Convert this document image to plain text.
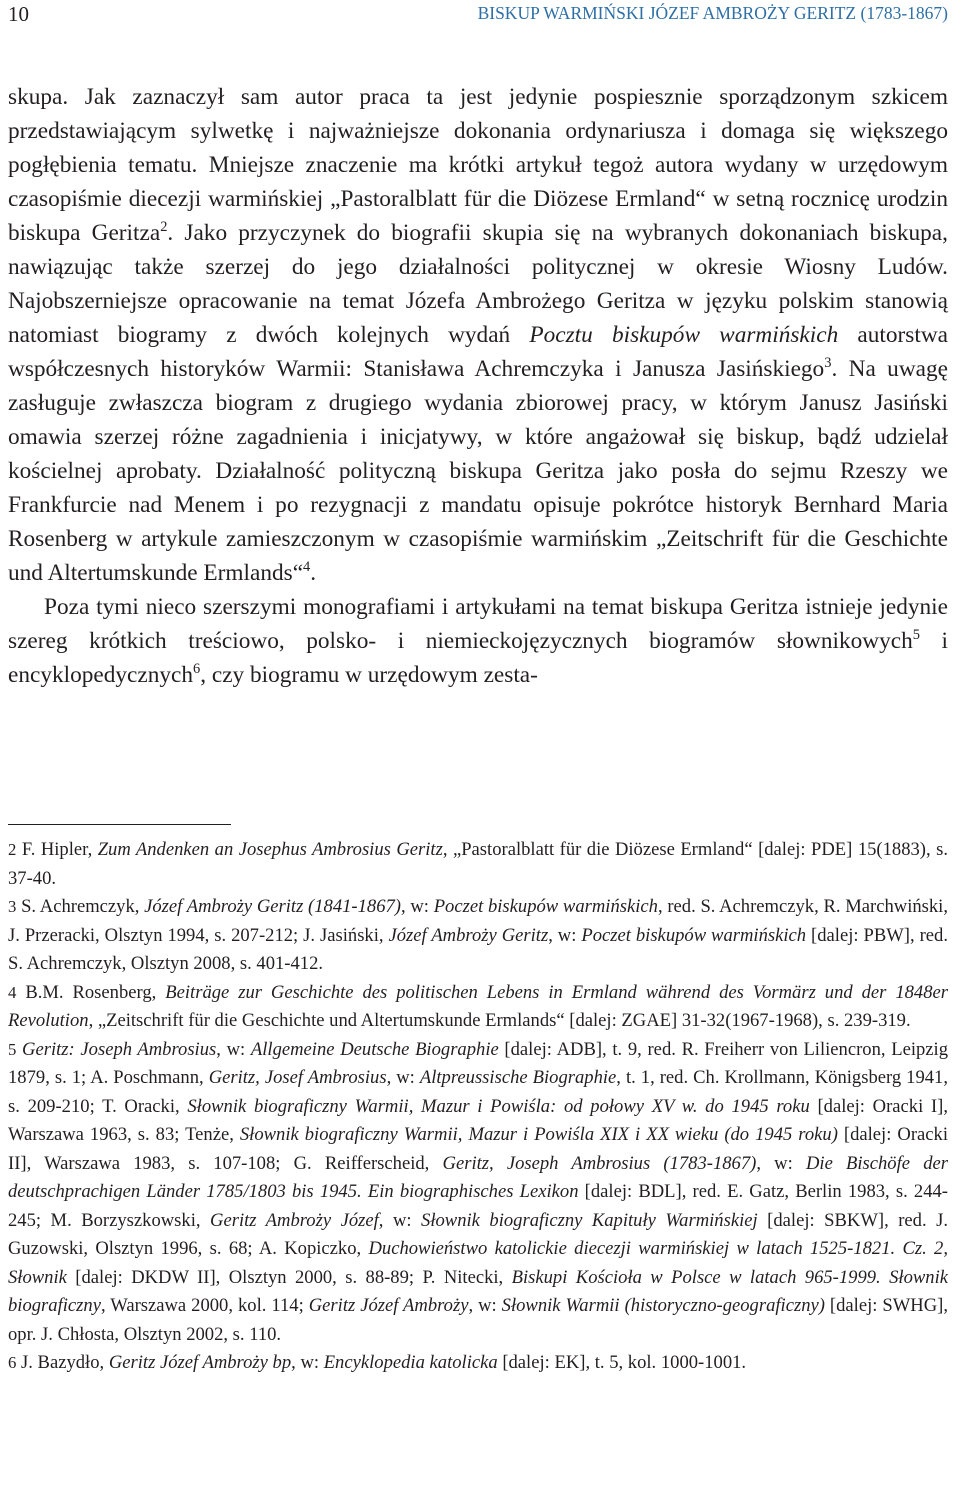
10	BISKUP WARMIŃSKI JÓZEF AMBROŻY GERITZ (1783-1867)

skupa. Jak zaznaczył sam autor praca ta jest jedynie pospiesznie sporządzonym szkicem przedstawiającym sylwetkę i najważniejsze dokonania ordynariusza i domaga się większego pogłębienia tematu. Mniejsze znaczenie ma krótki artykuł tegoż autora wydany w urzędowym czasopiśmie diecezji warmińskiej „Pastoralblatt für die Diözese Ermland“ w setną rocznicę urodzin biskupa Geritza$^2$. Jako przyczynek do biografii skupia się na wybranych dokonaniach biskupa, nawiązując także szerzej do jego działalności politycznej w okresie Wiosny Ludów. Najobszerniejsze opracowanie na temat Józefa Ambrożego Geritza w języku polskim stanowią natomiast biogramy z dwóch kolejnych wydań Pocztu biskupów warmińskich autorstwa współczesnych historyków Warmii: Stanisława Achremczyka i Janusza Jasińskiego$^3$. Na uwagę zasługuje zwłaszcza biogram z drugiego wydania zbiorowej pracy, w którym Janusz Jasiński omawia szerzej różne zagadnienia i inicjatywy, w które angażował się biskup, bądź udzielał kościelnej aprobaty. Działalność polityczną biskupa Geritza jako posła do sejmu Rzeszy we Frankfurcie nad Menem i po rezygnacji z mandatu opisuje pokrótce historyk Bernhard Maria Rosenberg w artykule zamieszczonym w czasopiśmie warmińskim „Zeitschrift für die Geschichte und Altertumskunde Ermlands“$^4$.

Poza tymi nieco szerszymi monografiami i artykułami na temat biskupa Geritza istnieje jedynie szereg krótkich treściowo, polsko- i niemieckojęzycznych biogramów słownikowych$^5$ i encyklopedycznych$^6$, czy biogramu w urzędowym zesta-

2 F. Hipler, Zum Andenken an Josephus Ambrosius Geritz, „Pastoralblatt für die Diözese Ermland“ [dalej: PDE] 15(1883), s. 37-40.

3 S. Achremczyk, Józef Ambroży Geritz (1841-1867), w: Poczet biskupów warmińskich, red. S. Achremczyk, R. Marchwiński, J. Przeracki, Olsztyn 1994, s. 207-212; J. Jasiński, Józef Ambroży Geritz, w: Poczet biskupów warmińskich [dalej: PBW], red. S. Achremczyk, Olsztyn 2008, s. 401-412.

4 B.M. Rosenberg, Beiträge zur Geschichte des politischen Lebens in Ermland während des Vormärz und der 1848er Revolution, „Zeitschrift für die Geschichte und Altertumskunde Ermlands“ [dalej: ZGAE] 31-32(1967-1968), s. 239-319.

5 Geritz: Joseph Ambrosius, w: Allgemeine Deutsche Biographie [dalej: ADB], t. 9, red. R. Freiherr von Liliencron, Leipzig 1879, s. 1; A. Poschmann, Geritz, Josef Ambrosius, w: Altpreussische Biographie, t. 1, red. Ch. Krollmann, Königsberg 1941, s. 209-210; T. Oracki, Słownik biograficzny Warmii, Mazur i Powiśla: od połowy XV w. do 1945 roku [dalej: Oracki I], Warszawa 1963, s. 83; Tenże, Słownik biograficzny Warmii, Mazur i Powiśla XIX i XX wieku (do 1945 roku) [dalej: Oracki II], Warszawa 1983, s. 107-108; G. Reifferscheid, Geritz, Joseph Ambrosius (1783-1867), w: Die Bischöfe der deutschprachigen Länder 1785/1803 bis 1945. Ein biographisches Lexikon [dalej: BDL], red. E. Gatz, Berlin 1983, s. 244-245; M. Borzyszkowski, Geritz Ambroży Józef, w: Słownik biograficzny Kapituły Warmińskiej [dalej: SBKW], red. J. Guzowski, Olsztyn 1996, s. 68; A. Kopiczko, Duchowieństwo katolickie diecezji warmińskiej w latach 1525-1821. Cz. 2, Słownik [dalej: DKDW II], Olsztyn 2000, s. 88-89; P. Nitecki, Biskupi Kościoła w Polsce w latach 965-1999. Słownik biograficzny, Warszawa 2000, kol. 114; Geritz Józef Ambroży, w: Słownik Warmii (historyczno-geograficzny) [dalej: SWHG], opr. J. Chłosta, Olsztyn 2002, s. 110.

6 J. Bazydło, Geritz Józef Ambroży bp, w: Encyklopedia katolicka [dalej: EK], t. 5, kol. 1000-1001.
